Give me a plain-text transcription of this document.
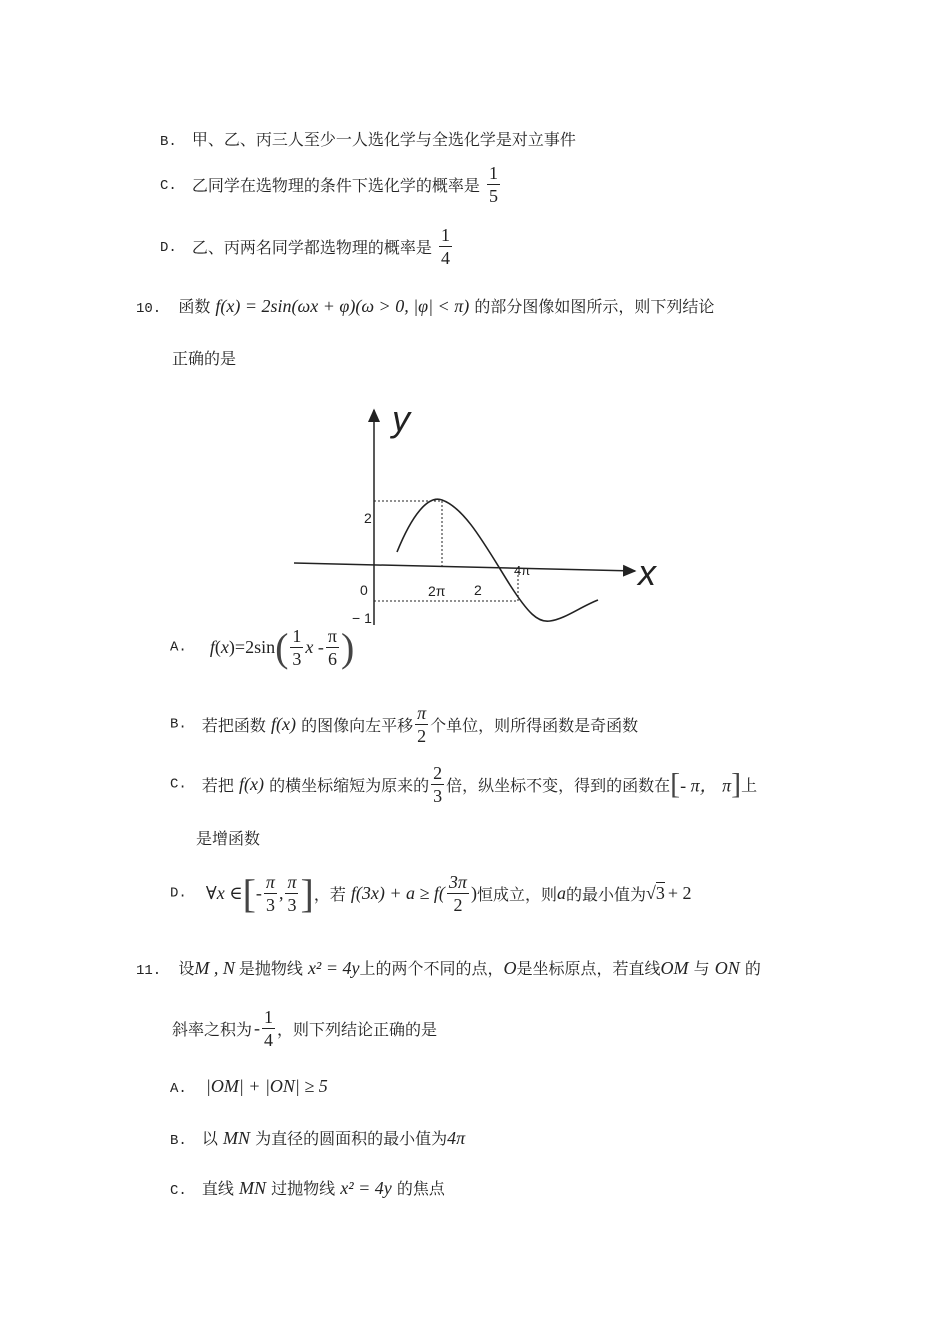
B. 甲、乙、丙三人至少一人选化学与全选化学是对立事件
C. 乙同学在选物理的条件下选化学的概率是 $\frac{1}{5}$
D. 乙、丙两名同学都选物理的概率是 $\frac{1}{4}$
10. 函数 f(x) = 2sin(ωx + φ)(ω > 0, |φ| < π) 的部分图像如图所示，则下列结论
正确的是
y
x
2
0
− 1
2π 2
4π
A. $f(x)=2\sin( \frac{1}{3}$ x - $\frac{\pi}{6}$ )
B. 若把函数 f(x) 的图像向左平移 $\frac{\pi}{2}$ 个单位，则所得函数是奇函数
C. 若把 f(x) 的横坐标缩短为原来的 $\frac{2}{3}$ 倍，纵坐标不变，得到的函数在[- π， π]上
是增函数
D. ∀x ∈[- $\frac{\pi}{3}$ , $\frac{\pi}{3}$ ]，若 $f(3x) + a \ge f( \frac{3\pi}{2}$ )恒成立，则a的最小值为√3 + 2
11. 设M , N 是抛物线 x² = 4y上的两个不同的点，O是坐标原点，若直线OM 与 ON 的
斜率之积为 - $\frac{1}{4}$ ，则下列结论正确的是
A. |OM| + |ON| ≥ 5
B. 以 MN 为直径的圆面积的最小值为4π
C. 直线 MN 过抛物线 x² = 4y 的焦点
